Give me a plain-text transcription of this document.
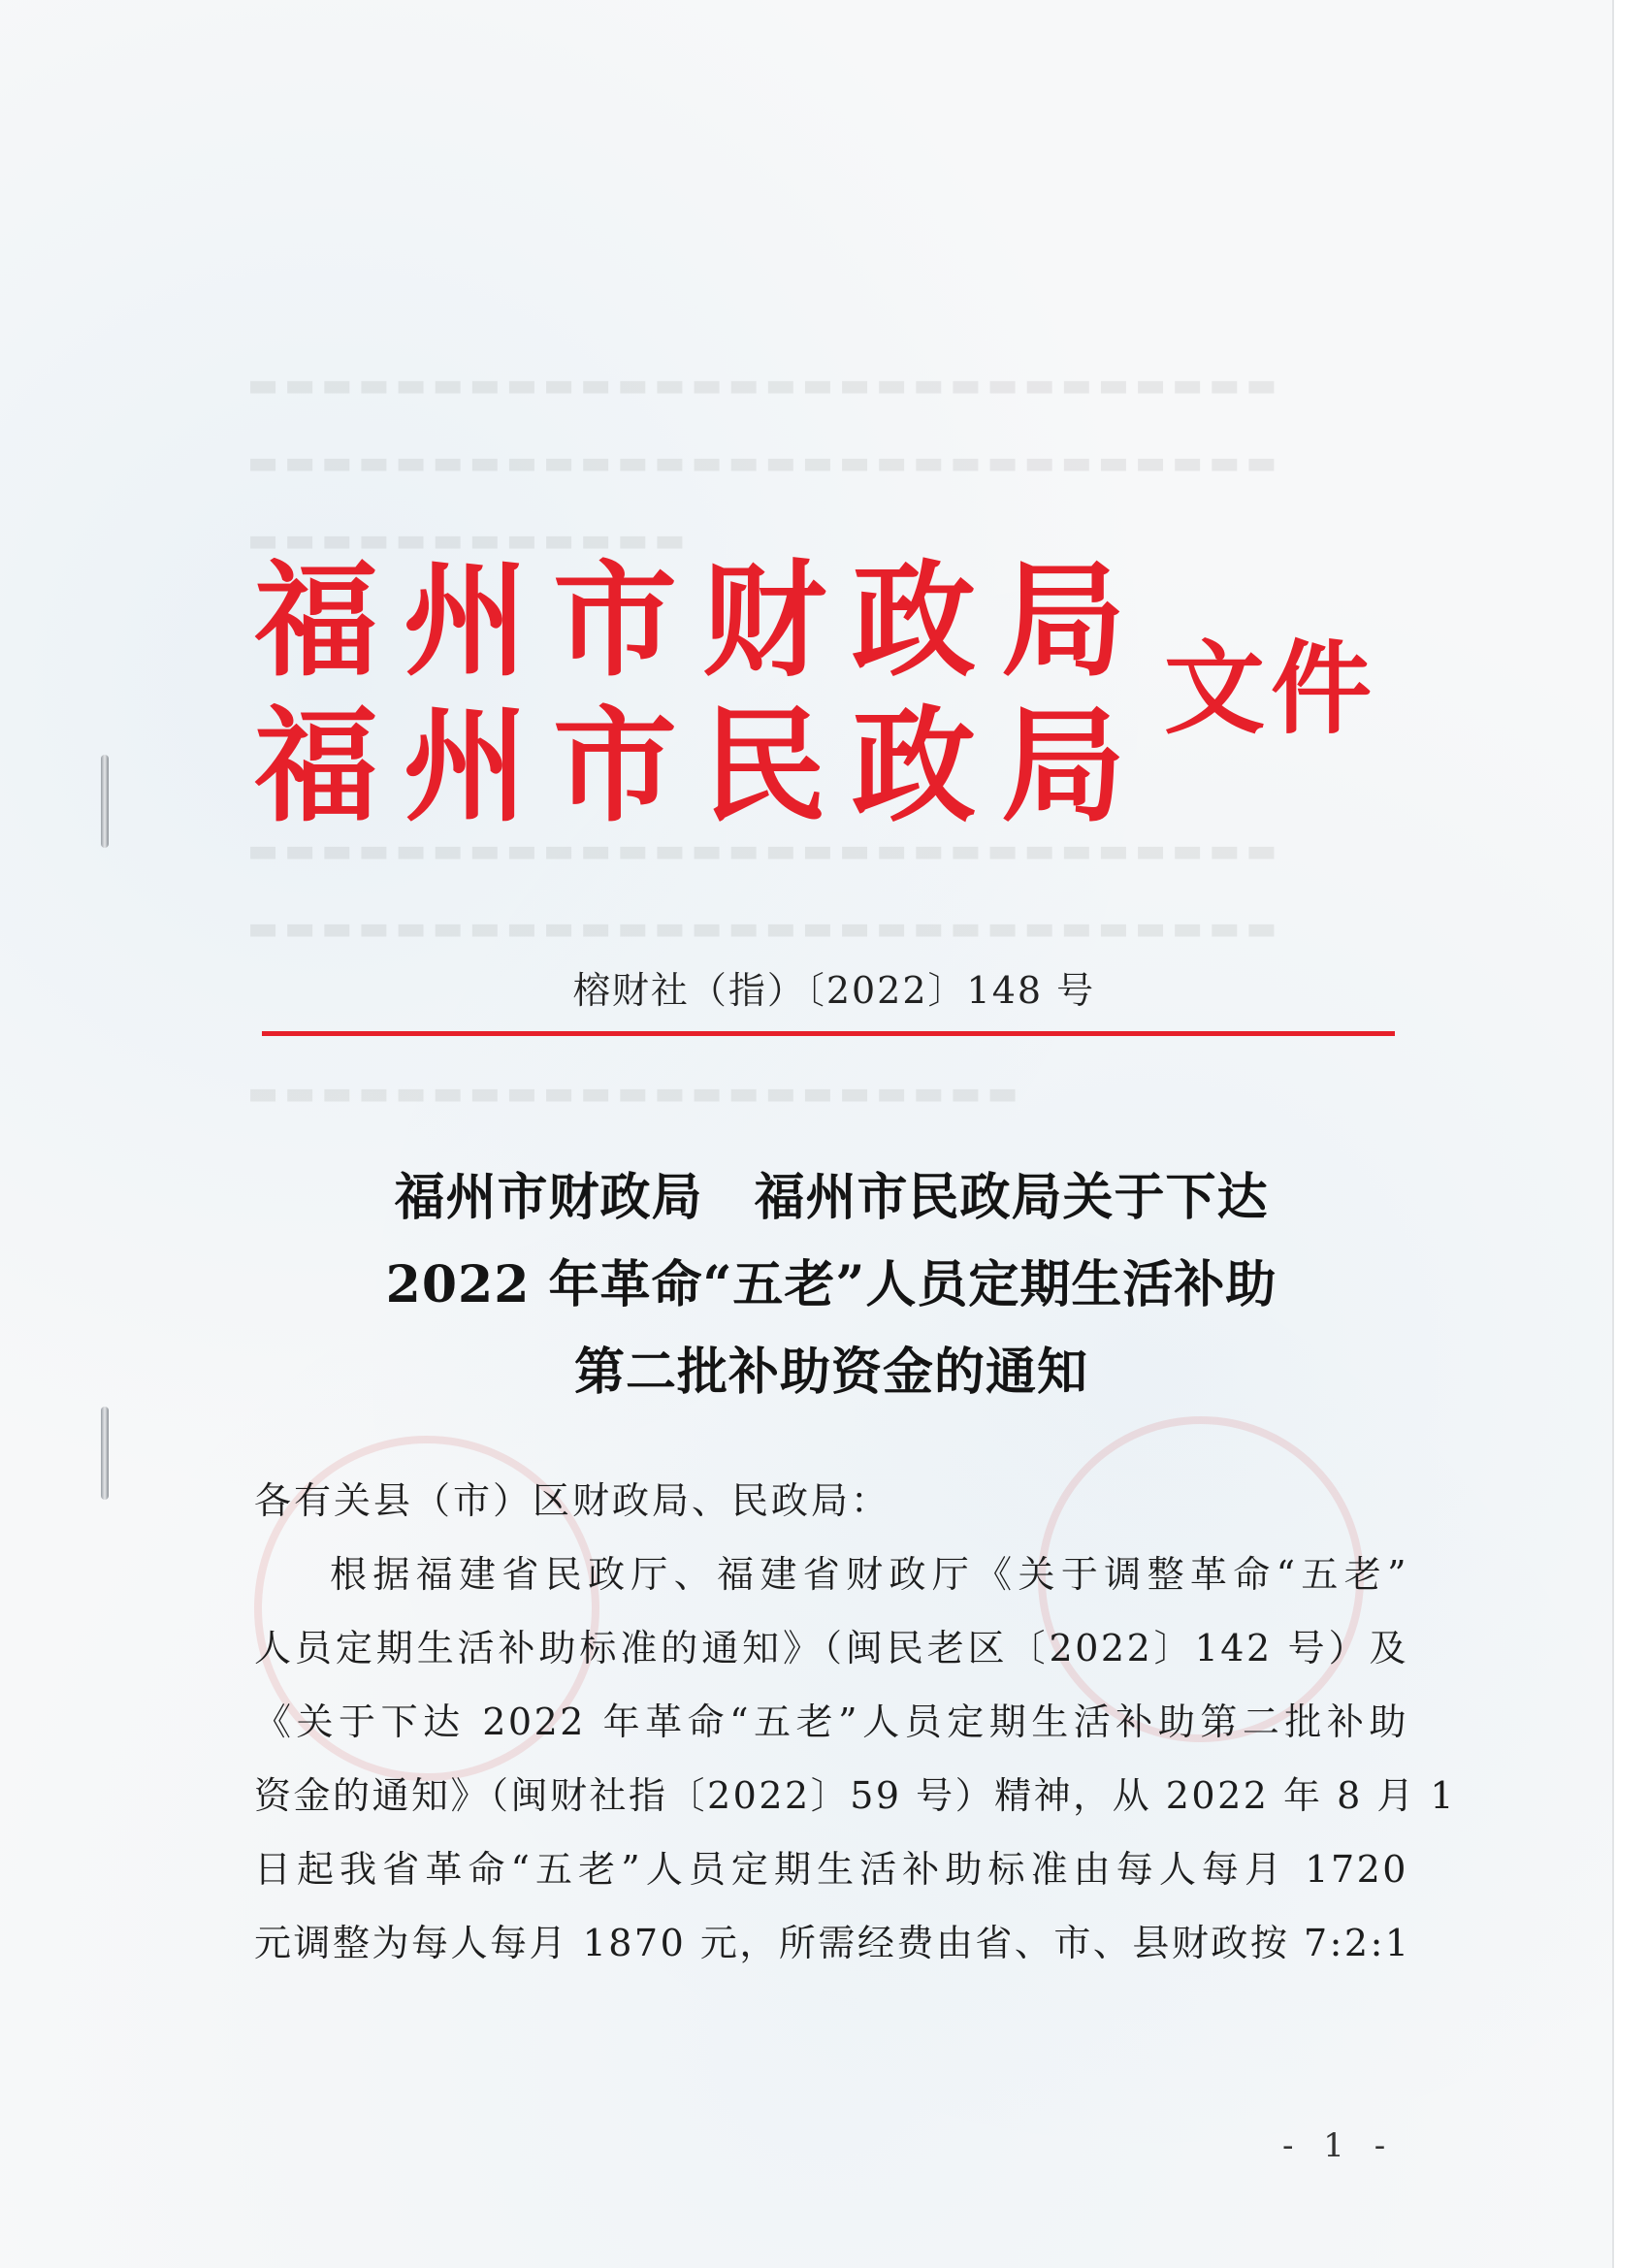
▬▬▬▬▬▬▬▬▬▬▬▬▬▬▬▬▬▬▬▬▬▬▬▬▬▬▬▬
▬▬▬▬▬▬▬▬▬▬▬▬▬▬▬▬▬▬▬▬▬▬▬▬▬▬▬▬
▬▬▬▬▬▬▬▬▬▬▬▬
▬▬▬▬▬▬▬▬▬▬▬▬▬▬▬▬▬▬▬▬▬▬▬▬▬▬▬▬
▬▬▬▬▬▬▬▬▬▬▬▬▬▬▬▬▬▬▬▬▬▬▬▬▬▬▬▬
▬▬▬▬▬▬▬▬▬▬▬▬▬▬▬▬▬▬▬▬▬
福州市财政局
福州市民政局
文件
榕财社（指）〔2022〕148 号
福州市财政局　福州市民政局关于下达
2022 年革命“五老”人员定期生活补助
第二批补助资金的通知

各有关县（市）区财政局、民政局：

根据福建省民政厅、福建省财政厅《关于调整革命“五老”

人员定期生活补助标准的通知》（闽民老区〔2022〕142 号）及

《关于下达 2022 年革命“五老”人员定期生活补助第二批补助

资金的通知》（闽财社指〔2022〕59 号）精神，从 2022 年 8 月 1

日起我省革命“五老”人员定期生活补助标准由每人每月 1720

元调整为每人每月 1870 元，所需经费由省、市、县财政按 7:2:1

- 1 -
